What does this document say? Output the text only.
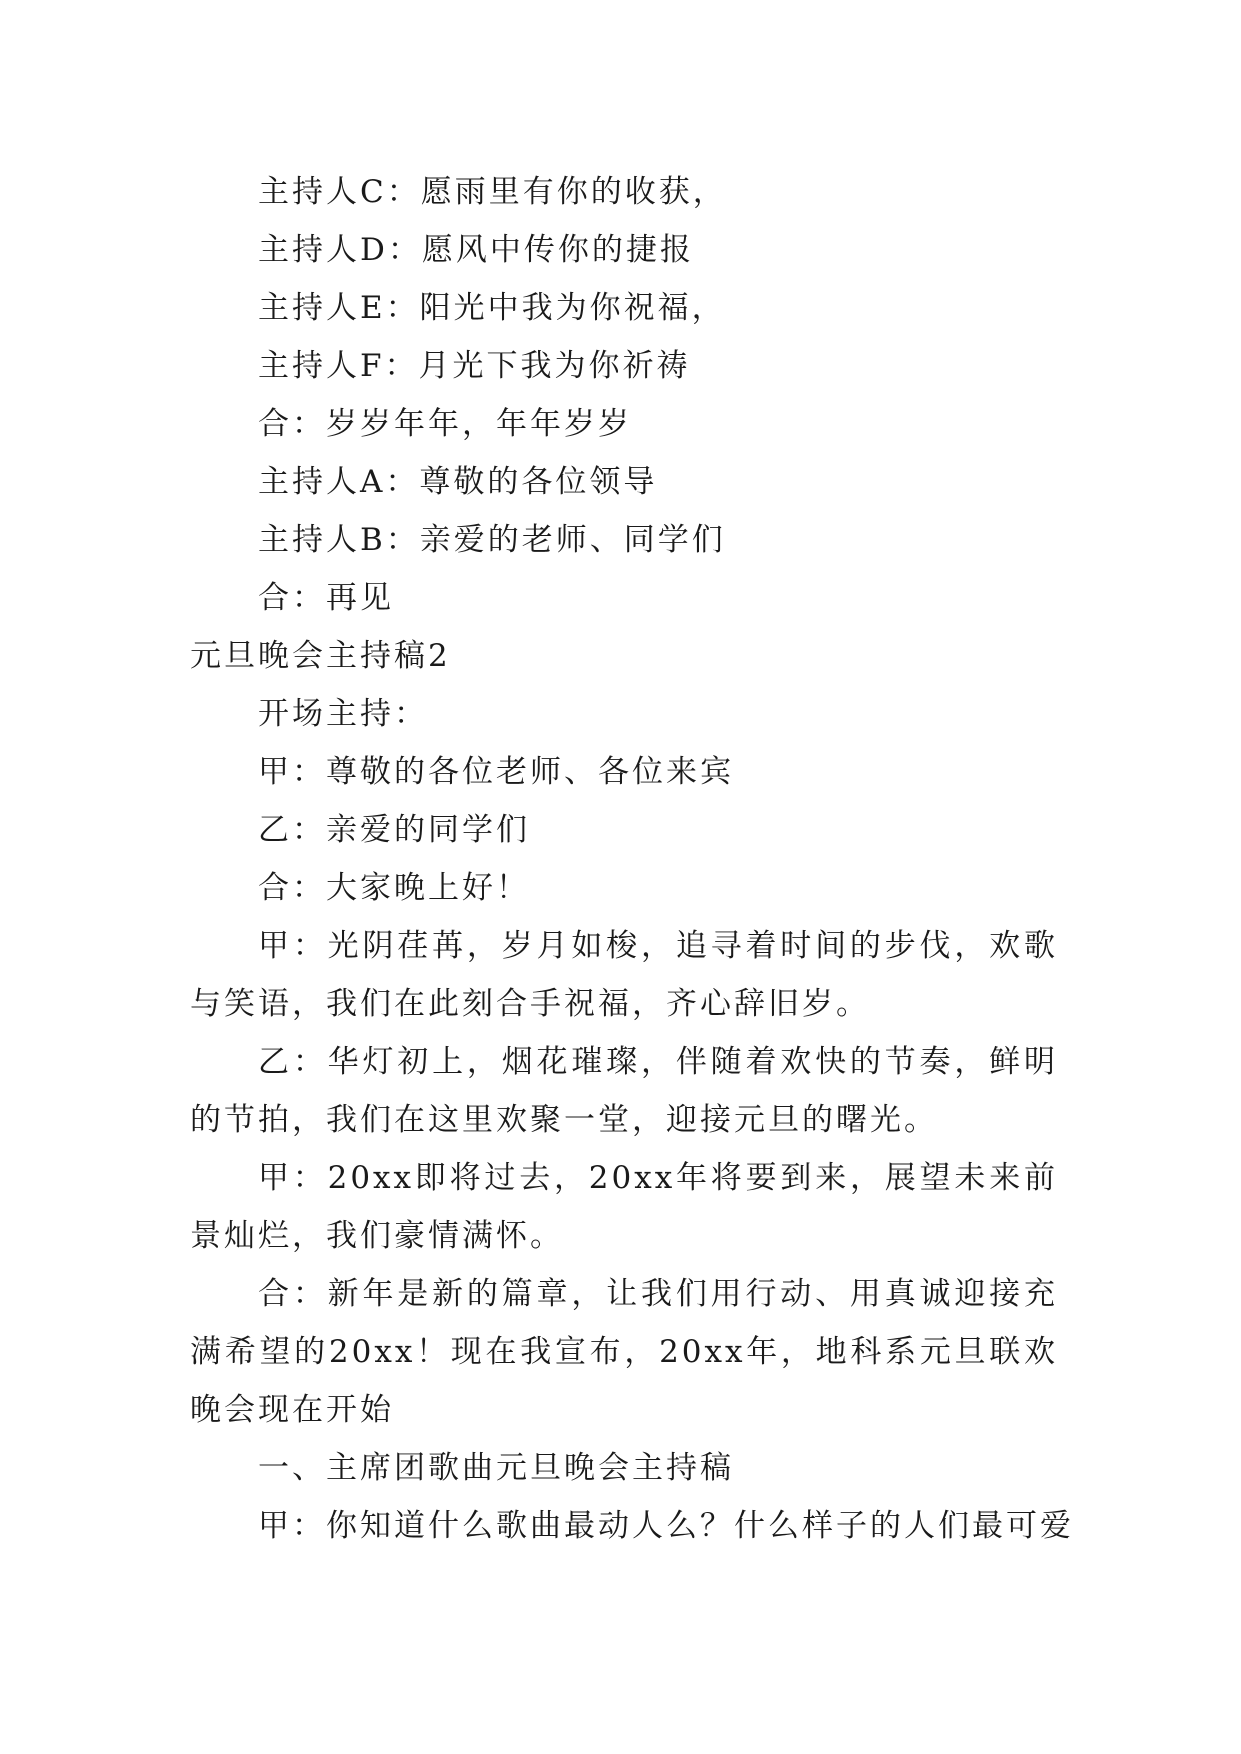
主持人C：愿雨里有你的收获，
主持人D：愿风中传你的捷报
主持人E：阳光中我为你祝福，
主持人F：月光下我为你祈祷
合：岁岁年年，年年岁岁
主持人A：尊敬的各位领导
主持人B：亲爱的老师、同学们
合：再见
元旦晚会主持稿2
开场主持：
甲：尊敬的各位老师、各位来宾
乙：亲爱的同学们
合：大家晚上好！
甲：光阴荏苒，岁月如梭，追寻着时间的步伐，欢歌与笑语，我们在此刻合手祝福，齐心辞旧岁。
乙：华灯初上，烟花璀璨，伴随着欢快的节奏，鲜明的节拍，我们在这里欢聚一堂，迎接元旦的曙光。
甲：20xx即将过去，20xx年将要到来，展望未来前景灿烂，我们豪情满怀。
合：新年是新的篇章，让我们用行动、用真诚迎接充满希望的20xx！现在我宣布，20xx年，地科系元旦联欢晚会现在开始
一、主席团歌曲元旦晚会主持稿
甲：你知道什么歌曲最动人么？什么样子的人们最可爱
